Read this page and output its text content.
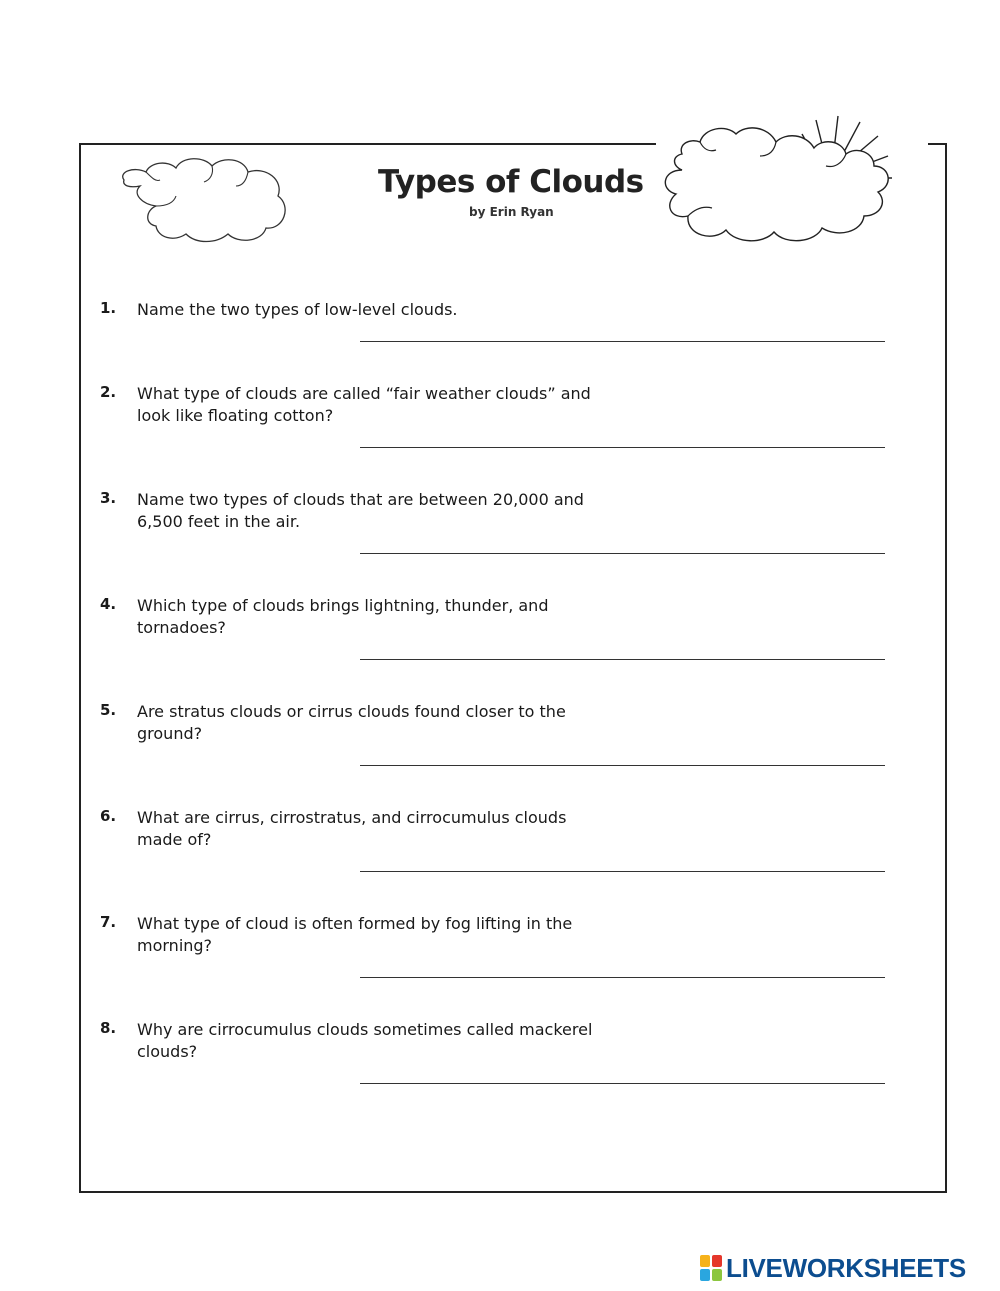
Types of Clouds
by Erin Ryan
1.	Name the two types of low-level clouds.
2.	What type of clouds are called “fair weather clouds” and look like floating cotton?
3.	Name two types of clouds that are between 20,000 and 6,500 feet in the air.
4.	Which type of clouds brings lightning, thunder, and tornadoes?
5.	Are stratus clouds or cirrus clouds found closer to the ground?
6.	What are cirrus, cirrostratus, and cirrocumulus clouds made of?
7.	What type of cloud is often formed by fog lifting in the morning?
8.	Why are cirrocumulus clouds sometimes called mackerel clouds?
LIVEWORKSHEETS
